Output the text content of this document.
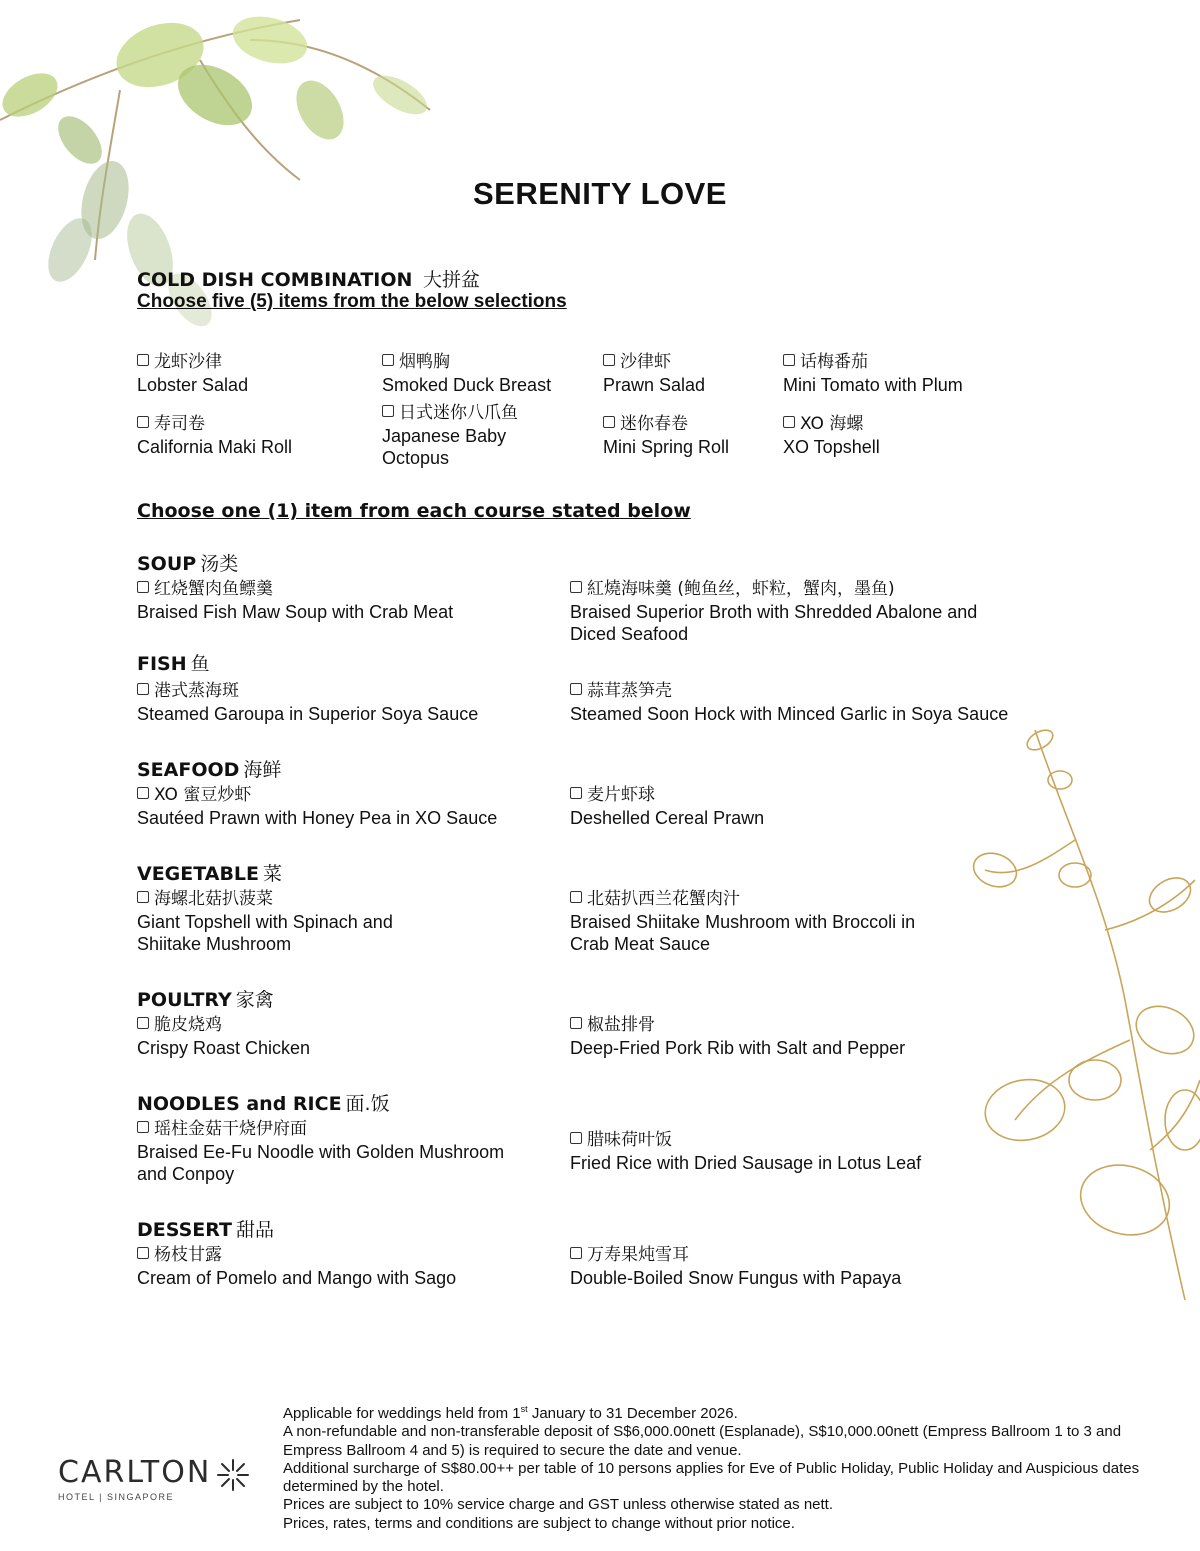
SERENITY LOVE
COLD DISH COMBINATION 大拼盆
Choose five (5) items from the below selections
龙虾沙律
Lobster Salad
烟鸭胸
Smoked Duck Breast
沙律虾
Prawn Salad
话梅番茄
Mini Tomato with Plum
寿司卷
California Maki Roll
日式迷你八爪鱼
Japanese Baby Octopus
迷你春卷
Mini Spring Roll
XO 海螺
XO Topshell
Choose one (1) item from each course stated below
SOUP 汤类
红烧蟹肉鱼鳔羹
Braised Fish Maw Soup with Crab Meat
紅燒海味羹 (鲍鱼丝，虾粒，蟹肉，墨鱼)
Braised Superior Broth with Shredded Abalone and Diced Seafood
FISH 鱼
港式蒸海斑
Steamed Garoupa in Superior Soya Sauce
蒜茸蒸笋壳
Steamed Soon Hock with Minced Garlic in Soya Sauce
SEAFOOD 海鲜
XO 蜜豆炒虾
Sautéed Prawn with Honey Pea in XO Sauce
麦片虾球
Deshelled Cereal Prawn
VEGETABLE 菜
海螺北菇扒菠菜
Giant Topshell with Spinach and Shiitake Mushroom
北菇扒西兰花蟹肉汁
Braised Shiitake Mushroom with Broccoli in Crab Meat Sauce
POULTRY 家禽
脆皮烧鸡
Crispy Roast Chicken
椒盐排骨
Deep-Fried Pork Rib with Salt and Pepper
NOODLES and RICE 面.饭
瑶柱金菇干烧伊府面
Braised Ee-Fu Noodle with Golden Mushroom and Conpoy
腊味荷叶饭
Fried Rice with Dried Sausage in Lotus Leaf
DESSERT 甜品
杨枝甘露
Cream of Pomelo and Mango with Sago
万寿果炖雪耳
Double-Boiled Snow Fungus with Papaya
Applicable for weddings held from 1st January to 31 December 2026.
A non-refundable and non-transferable deposit of S$6,000.00nett (Esplanade), S$10,000.00nett (Empress Ballroom 1 to 3 and Empress Ballroom 4 and 5) is required to secure the date and venue.
Additional surcharge of S$80.00++ per table of 10 persons applies for Eve of Public Holiday, Public Holiday and Auspicious dates determined by the hotel.
Prices are subject to 10% service charge and GST unless otherwise stated as nett.
Prices, rates, terms and conditions are subject to change without prior notice.
CARLTON
HOTEL | SINGAPORE
